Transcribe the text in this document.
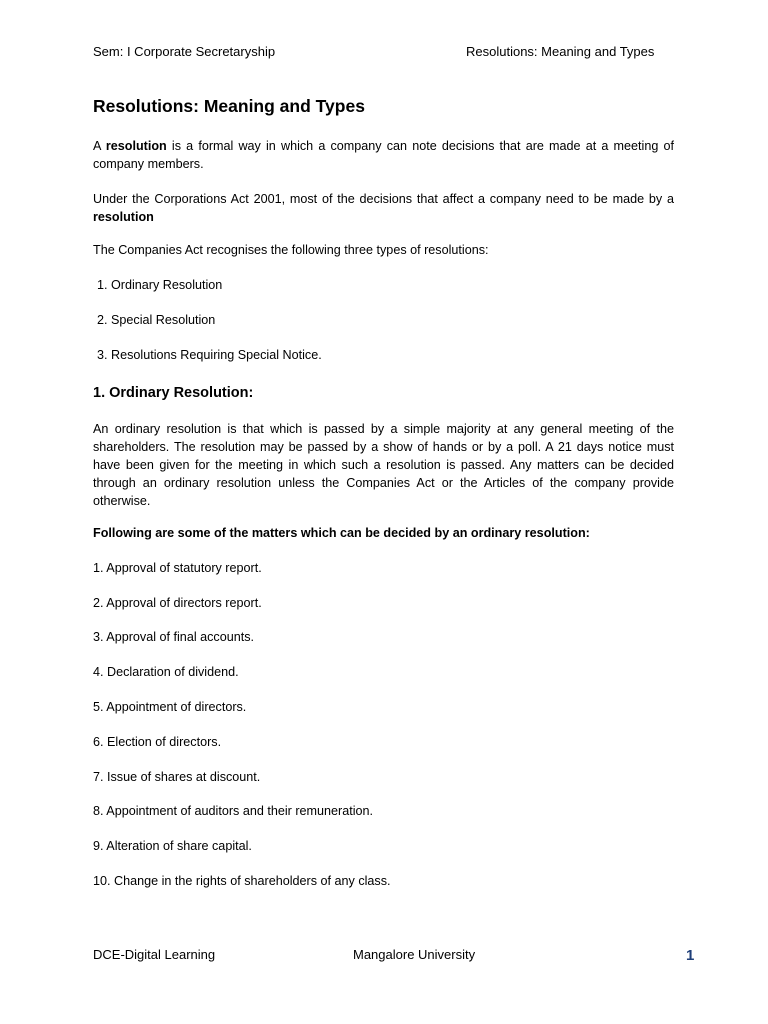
Sem: I Corporate Secretaryship	Resolutions: Meaning and Types
Resolutions: Meaning and Types
A resolution is a formal way in which a company can note decisions that are made at a meeting of company members.
Under the Corporations Act 2001, most of the decisions that affect a company need to be made by a resolution
The Companies Act recognises the following three types of resolutions:
1. Ordinary Resolution
2. Special Resolution
3. Resolutions Requiring Special Notice.
1. Ordinary Resolution:
An ordinary resolution is that which is passed by a simple majority at any general meeting of the shareholders. The resolution may be passed by a show of hands or by a poll. A 21 days notice must have been given for the meeting in which such a resolution is passed. Any matters can be decided through an ordinary resolution unless the Companies Act or the Articles of the company provide otherwise.
Following are some of the matters which can be decided by an ordinary resolution:
1. Approval of statutory report.
2. Approval of directors report.
3. Approval of final accounts.
4. Declaration of dividend.
5. Appointment of directors.
6. Election of directors.
7. Issue of shares at discount.
8. Appointment of auditors and their remuneration.
9. Alteration of share capital.
10. Change in the rights of shareholders of any class.
DCE-Digital Learning	Mangalore University	1
